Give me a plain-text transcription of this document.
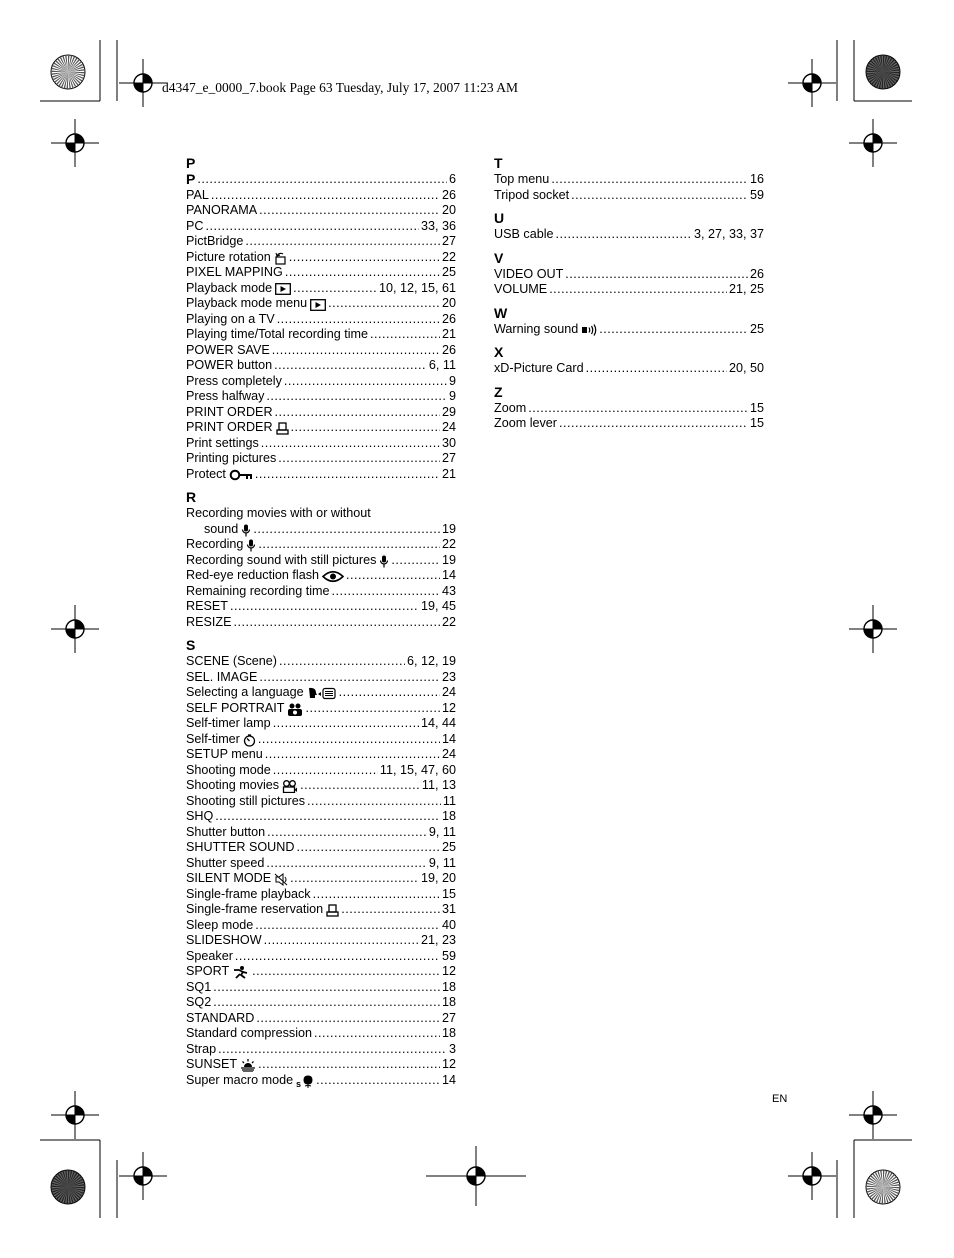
d4347_e_0000_7.book Page 63 Tuesday, July 17, 2007 11:23 AM
P
P .....	6
PAL .....	26
PANORAMA .....	20
PC .....	33, 36
PictBridge .....	27
Picture rotation .....	22
PIXEL MAPPING .....	25
Playback mode .....	10, 12, 15, 61
Playback mode menu .....	20
Playing on a TV .....	26
Playing time/Total recording time .....	21
POWER SAVE .....	26
POWER button .....	6, 11
Press completely .....	9
Press halfway .....	9
PRINT ORDER .....	29
PRINT ORDER .....	24
Print settings .....	30
Printing pictures .....	27
Protect .....	21
R
Recording movies with or without
sound .....	19
Recording .....	22
Recording sound with still pictures .....	19
Red-eye reduction flash .....	14
Remaining recording time .....	43
RESET .....	19, 45
RESIZE .....	22
S
SCENE (Scene) .....	6, 12, 19
SEL. IMAGE .....	23
Selecting a language .....	24
SELF PORTRAIT .....	12
Self-timer lamp .....	14, 44
Self-timer .....	14
SETUP menu .....	24
Shooting mode .....	11, 15, 47, 60
Shooting movies .....	11, 13
Shooting still pictures .....	11
SHQ .....	18
Shutter button .....	9, 11
SHUTTER SOUND .....	25
Shutter speed .....	9, 11
SILENT MODE .....	19, 20
Single-frame playback .....	15
Single-frame reservation .....	31
Sleep mode .....	40
SLIDESHOW .....	21, 23
Speaker .....	59
SPORT .....	12
SQ1 .....	18
SQ2 .....	18
STANDARD .....	27
Standard compression .....	18
Strap .....	3
SUNSET .....	12
Super macro mode s .....	14
T
Top menu .....	16
Tripod socket .....	59
U
USB cable .....	3, 27, 33, 37
V
VIDEO OUT .....	26
VOLUME .....	21, 25
W
Warning sound .....	25
X
xD-Picture Card .....	20, 50
Z
Zoom .....	15
Zoom lever .....	15
EN
